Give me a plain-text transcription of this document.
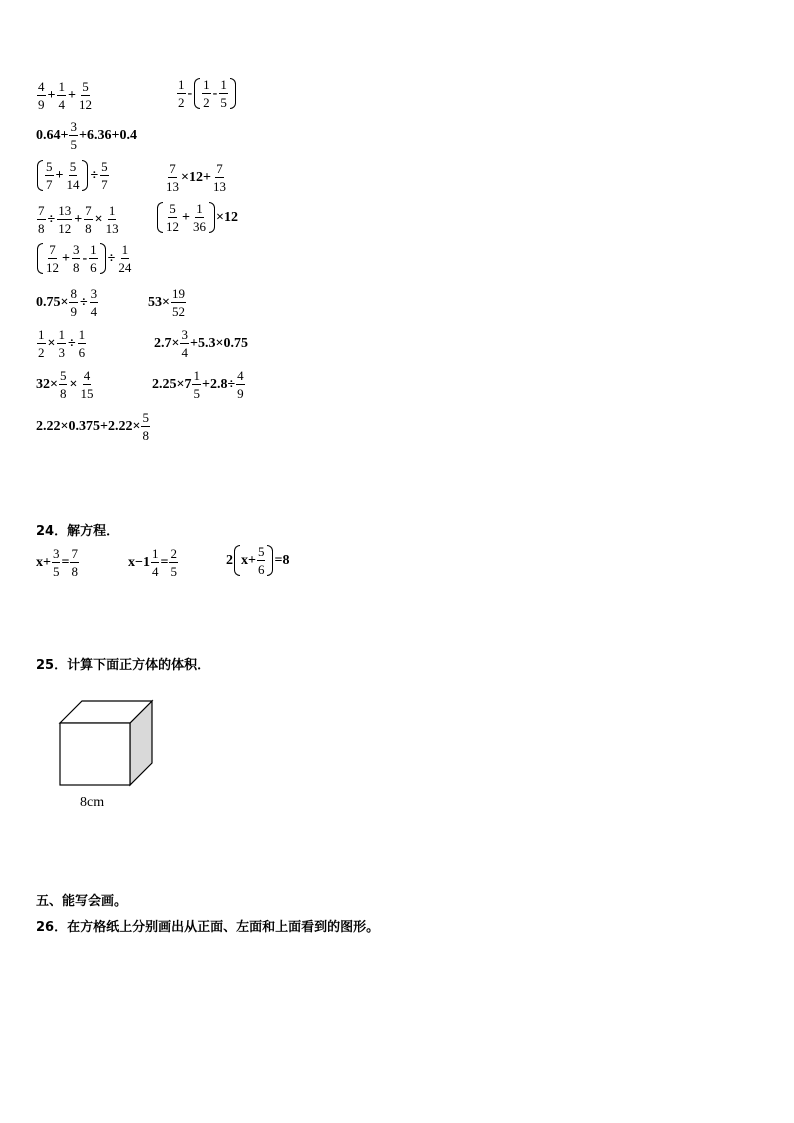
$\frac{4}{9} + \frac{1}{4} + \frac{5}{12}$	$\frac{1}{2} - \frac{1}{2} - \frac{1}{5}$
$0.64+ \frac{3}{5} +6.36+0.4$
$\frac{5}{7} + \frac{5}{14} \div \frac{5}{7}$	$\frac{7}{13} \times 12+ \frac{7}{13}$
$\frac{7}{8} \div \frac{13}{12} + \frac{7}{8} \times \frac{1}{13}$	$\frac{5}{12} + \frac{1}{36} \times 12$
$\frac{7}{12} + \frac{3}{8} - \frac{1}{6} \div \frac{1}{24}$
$0.75\times \frac{8}{9} \div \frac{3}{4}$	$53\times \frac{19}{52}$
$\frac{1}{2} \times \frac{1}{3} \div \frac{1}{6}$	$2.7\times \frac{3}{4} +5.3\times 0.75$
$32\times \frac{5}{8} \times \frac{4}{15}$	$2.25\times 7 \frac{1}{5} +2.8\div \frac{4}{9}$
$2.22\times 0.375+2.22\times \frac{5}{8}$
24．解方程．
$x+ \frac{3}{5} = \frac{7}{8}$	$x-1 \frac{1}{4} = \frac{2}{5}$	2 $x+ \frac{5}{6} =8$
25．计算下面正方体的体积．
8cm
五、能写会画。
26．在方格纸上分别画出从正面、左面和上面看到的图形。
